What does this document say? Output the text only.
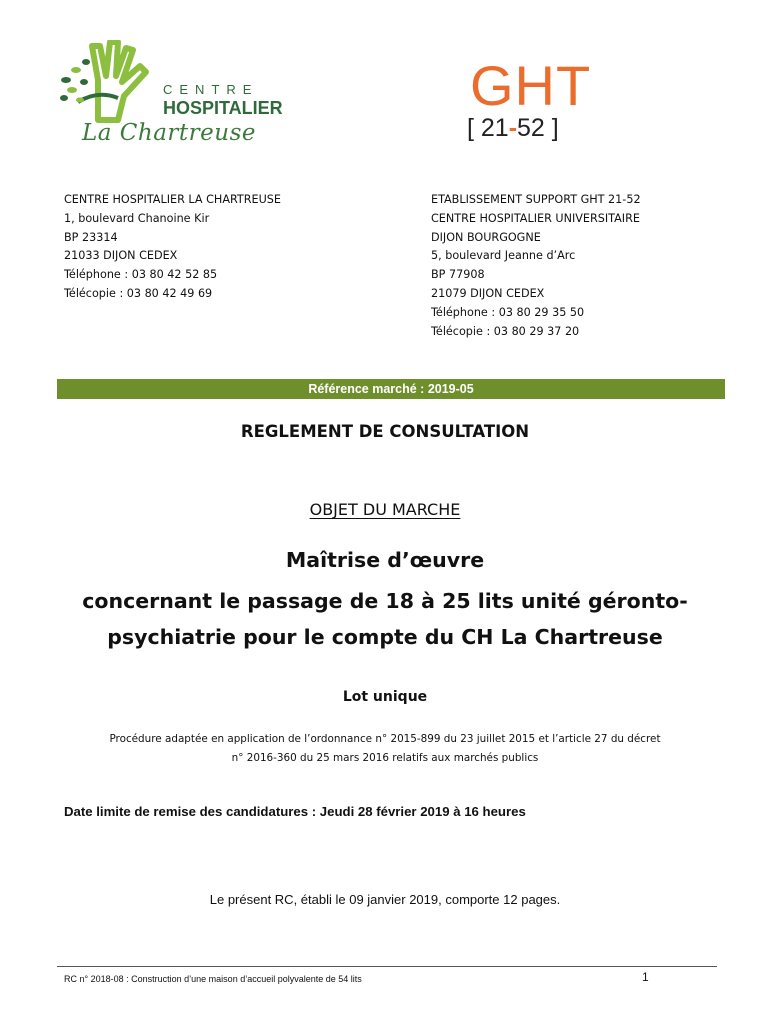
CENTRE
HOSPITALIER
La Chartreuse
GHT
[ 21-52 ]
CENTRE HOSPITALIER LA CHARTREUSE
1, boulevard Chanoine Kir
BP 23314
21033 DIJON CEDEX
Téléphone : 03 80 42 52 85
Télécopie : 03 80 42 49 69
ETABLISSEMENT SUPPORT GHT 21-52
CENTRE HOSPITALIER UNIVERSITAIRE
DIJON BOURGOGNE
5, boulevard Jeanne d’Arc
BP 77908
21079 DIJON CEDEX
Téléphone : 03 80 29 35 50
Télécopie : 03 80 29 37 20
Référence marché : 2019-05
REGLEMENT DE CONSULTATION
OBJET DU MARCHE
Maîtrise d’œuvre
concernant le passage de 18 à 25 lits unité géronto-
psychiatrie pour le compte du CH La Chartreuse
Lot unique
Procédure adaptée en application de l’ordonnance n° 2015-899 du 23 juillet 2015 et l’article 27 du décret
n° 2016-360 du 25 mars 2016 relatifs aux marchés publics
Date limite de remise des candidatures : Jeudi 28 février 2019 à 16 heures
Le présent RC, établi le 09 janvier 2019, comporte 12 pages.
RC n° 2018-08 : Construction d’une maison d’accueil polyvalente de 54 lits	1
